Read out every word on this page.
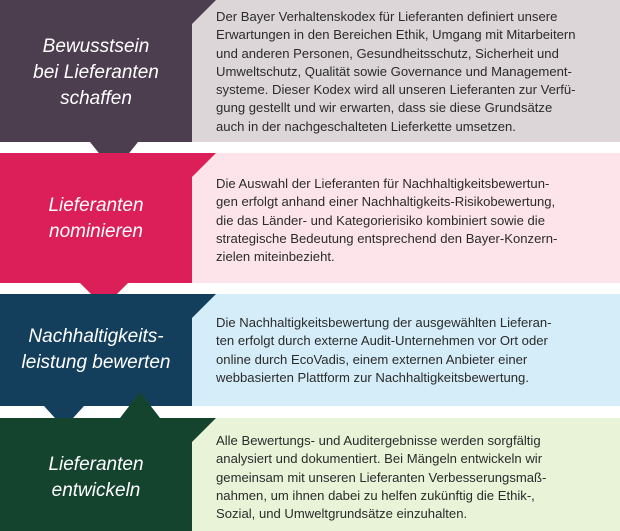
Bewusstsein
bei Lieferanten
schaffen
Der Bayer Verhaltenskodex für Lieferanten definiert unsere
Erwartungen in den Bereichen Ethik, Umgang mit Mitarbeitern
und anderen Personen, Gesundheitsschutz, Sicherheit und
Umweltschutz, Qualität sowie Governance und Management-
systeme. Dieser Kodex wird all unseren Lieferanten zur Verfü-
gung gestellt und wir erwarten, dass sie diese Grundsätze
auch in der nachgeschalteten Lieferkette umsetzen.
Lieferanten
nominieren
Die Auswahl der Lieferanten für Nachhaltigkeitsbewertun-
gen erfolgt anhand einer Nachhaltigkeits-Risikobewertung,
die das Länder- und Kategorierisiko kombiniert sowie die
strategische Bedeutung entsprechend den Bayer-Konzern-
zielen miteinbezieht.
Nachhaltigkeits-
leistung bewerten
Die Nachhaltigkeitsbewertung der ausgewählten Lieferan-
ten erfolgt durch externe Audit-Unternehmen vor Ort oder
online durch EcoVadis, einem externen Anbieter einer
webbasierten Plattform zur Nachhaltigkeitsbewertung.
Lieferanten
entwickeln
Alle Bewertungs- und Auditergebnisse werden sorgfältig
analysiert und dokumentiert. Bei Mängeln entwickeln wir
gemeinsam mit unseren Lieferanten Verbesserungsmaß-
nahmen, um ihnen dabei zu helfen zukünftig die Ethik-,
Sozial, und Umweltgrundsätze einzuhalten.
